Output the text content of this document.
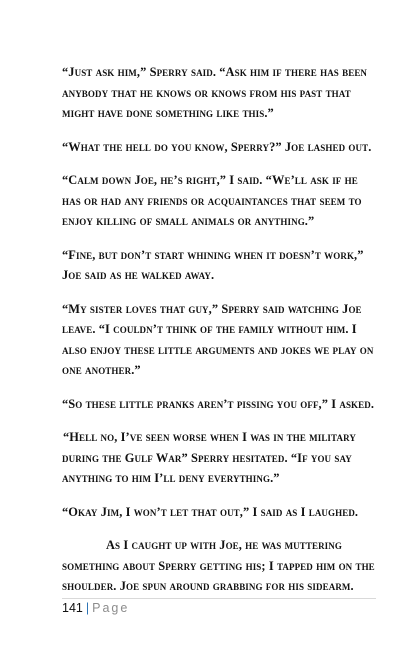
“Just ask him,” Sperry said. “Ask him if there has been anybody that he knows or knows from his past that might have done something like this.”

“What the hell do you know, Sperry?” Joe lashed out.

“Calm down Joe, he’s right,” I said. “We’ll ask if he has or had any friends or acquaintances that seem to enjoy killing of small animals or anything.”

“Fine, but don’t start whining when it doesn’t work,” Joe said as he walked away.

“My sister loves that guy,” Sperry said watching Joe leave. “I couldn’t think of the family without him. I also enjoy these little arguments and jokes we play on one another.”

“So these little pranks aren’t pissing you off,” I asked.

“Hell no, I’ve seen worse when I was in the military during the Gulf War” Sperry hesitated. “If you say anything to him I’ll deny everything.”

“Okay Jim, I won’t let that out,” I said as I laughed.

As I caught up with Joe, he was muttering something about Sperry getting his; I tapped him on the shoulder. Joe spun around grabbing for his sidearm.

141 | Page
